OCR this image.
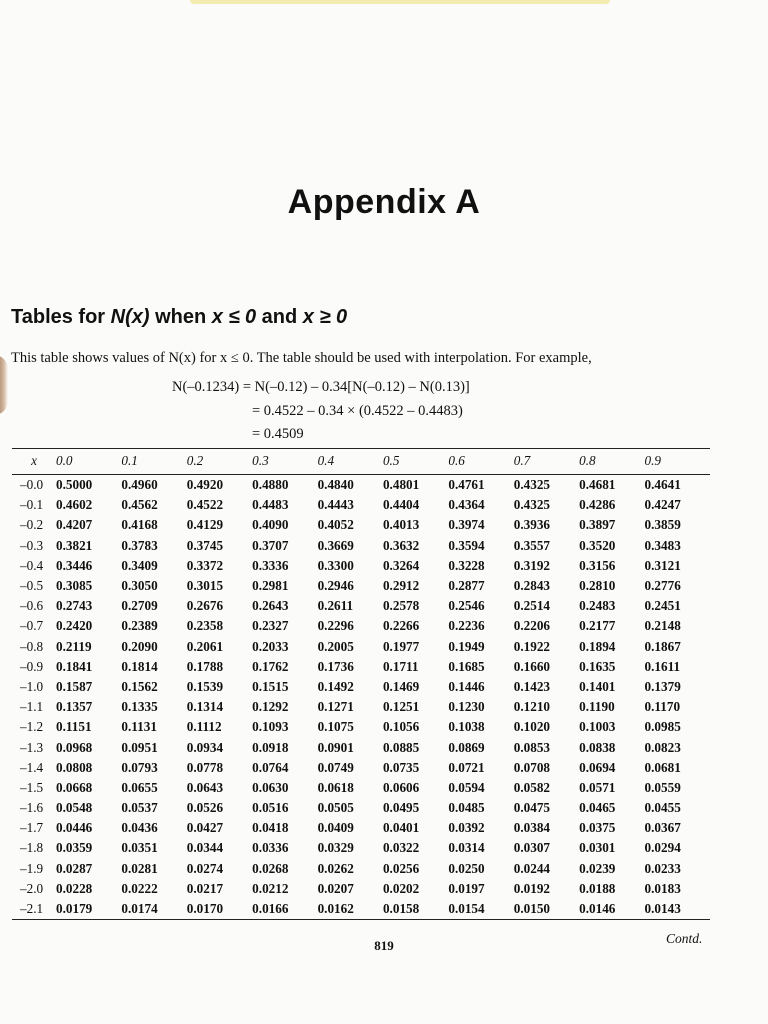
Appendix A
Tables for N(x) when x ≤ 0 and x ≥ 0
This table shows values of N(x) for x ≤ 0. The table should be used with interpolation. For example,
N(–0.1234) = N(–0.12) – 0.34[N(–0.12) – N(0.13)]
= 0.4522 – 0.34 × (0.4522 – 0.4483)
= 0.4509
x	0.0	0.1	0.2	0.3	0.4	0.5	0.6	0.7	0.8	0.9
–0.0	0.5000	0.4960	0.4920	0.4880	0.4840	0.4801	0.4761	0.4325	0.4681	0.4641
–0.1	0.4602	0.4562	0.4522	0.4483	0.4443	0.4404	0.4364	0.4325	0.4286	0.4247
–0.2	0.4207	0.4168	0.4129	0.4090	0.4052	0.4013	0.3974	0.3936	0.3897	0.3859
–0.3	0.3821	0.3783	0.3745	0.3707	0.3669	0.3632	0.3594	0.3557	0.3520	0.3483
–0.4	0.3446	0.3409	0.3372	0.3336	0.3300	0.3264	0.3228	0.3192	0.3156	0.3121
–0.5	0.3085	0.3050	0.3015	0.2981	0.2946	0.2912	0.2877	0.2843	0.2810	0.2776
–0.6	0.2743	0.2709	0.2676	0.2643	0.2611	0.2578	0.2546	0.2514	0.2483	0.2451
–0.7	0.2420	0.2389	0.2358	0.2327	0.2296	0.2266	0.2236	0.2206	0.2177	0.2148
–0.8	0.2119	0.2090	0.2061	0.2033	0.2005	0.1977	0.1949	0.1922	0.1894	0.1867
–0.9	0.1841	0.1814	0.1788	0.1762	0.1736	0.1711	0.1685	0.1660	0.1635	0.1611
–1.0	0.1587	0.1562	0.1539	0.1515	0.1492	0.1469	0.1446	0.1423	0.1401	0.1379
–1.1	0.1357	0.1335	0.1314	0.1292	0.1271	0.1251	0.1230	0.1210	0.1190	0.1170
–1.2	0.1151	0.1131	0.1112	0.1093	0.1075	0.1056	0.1038	0.1020	0.1003	0.0985
–1.3	0.0968	0.0951	0.0934	0.0918	0.0901	0.0885	0.0869	0.0853	0.0838	0.0823
–1.4	0.0808	0.0793	0.0778	0.0764	0.0749	0.0735	0.0721	0.0708	0.0694	0.0681
–1.5	0.0668	0.0655	0.0643	0.0630	0.0618	0.0606	0.0594	0.0582	0.0571	0.0559
–1.6	0.0548	0.0537	0.0526	0.0516	0.0505	0.0495	0.0485	0.0475	0.0465	0.0455
–1.7	0.0446	0.0436	0.0427	0.0418	0.0409	0.0401	0.0392	0.0384	0.0375	0.0367
–1.8	0.0359	0.0351	0.0344	0.0336	0.0329	0.0322	0.0314	0.0307	0.0301	0.0294
–1.9	0.0287	0.0281	0.0274	0.0268	0.0262	0.0256	0.0250	0.0244	0.0239	0.0233
–2.0	0.0228	0.0222	0.0217	0.0212	0.0207	0.0202	0.0197	0.0192	0.0188	0.0183
–2.1	0.0179	0.0174	0.0170	0.0166	0.0162	0.0158	0.0154	0.0150	0.0146	0.0143
819	Contd.
